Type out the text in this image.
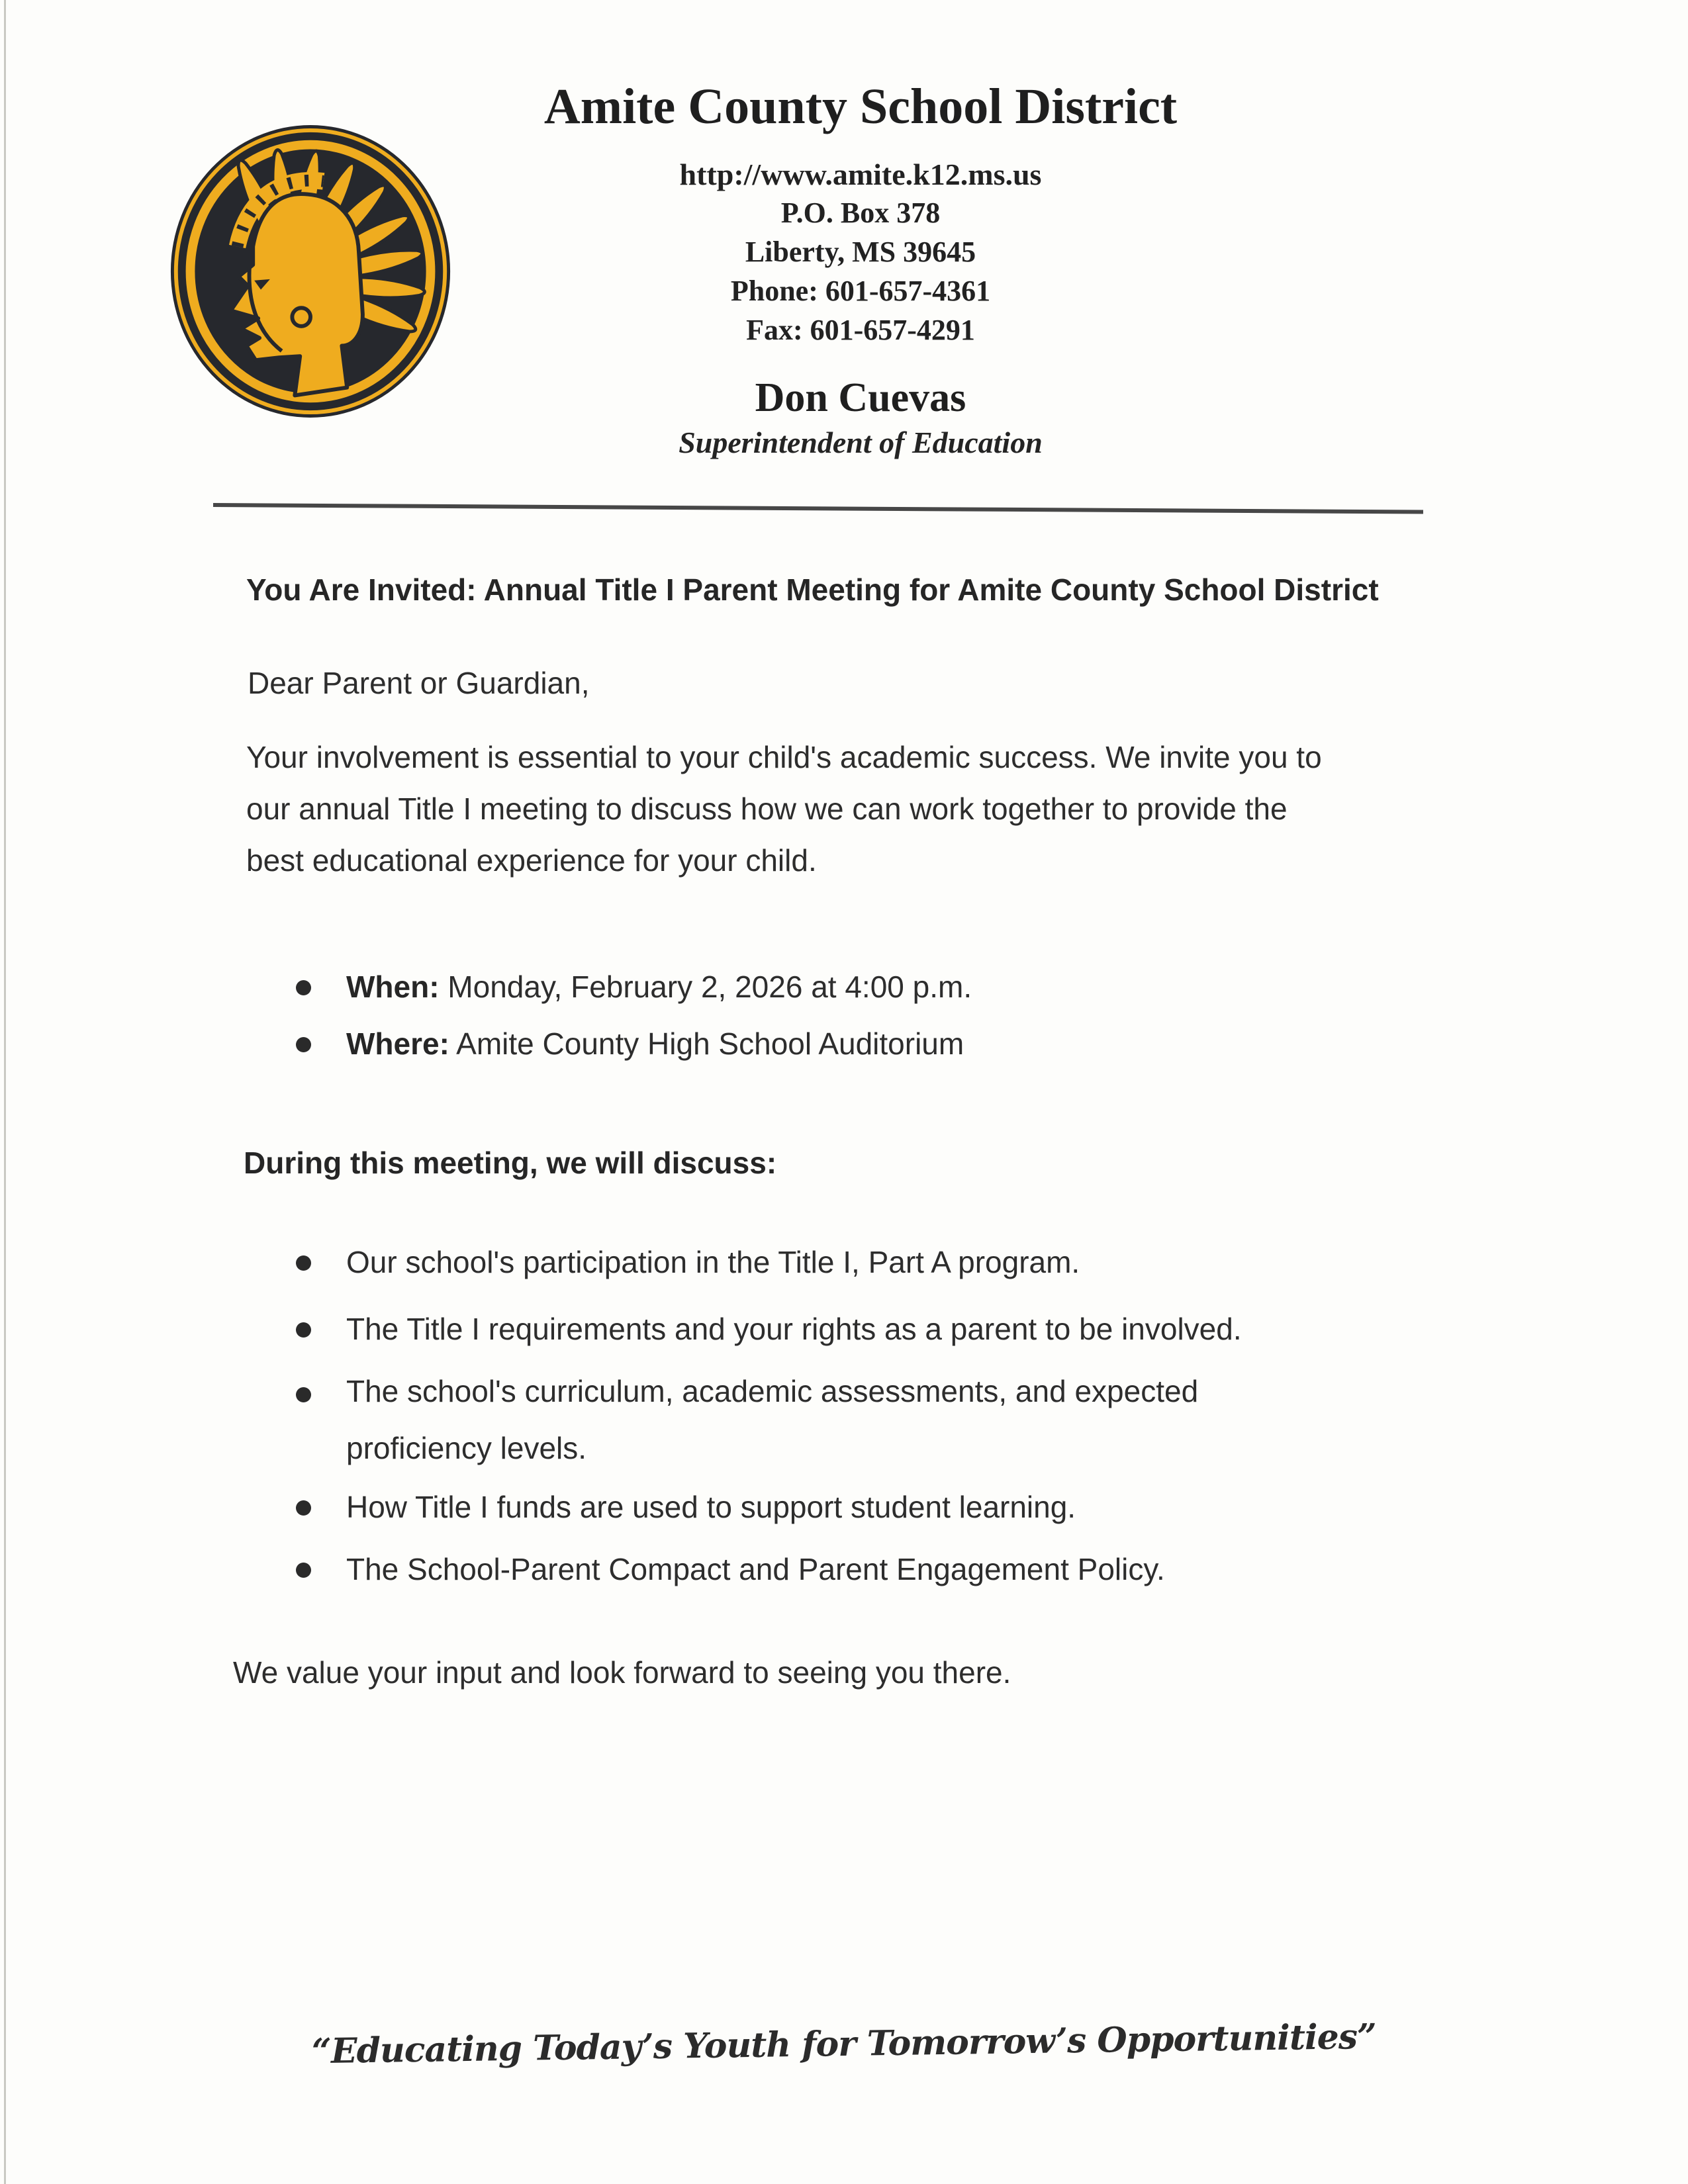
Amite County School District
http://www.amite.k12.ms.us
P.O. Box 378
Liberty, MS 39645
Phone: 601-657-4361
Fax: 601-657-4291
Don Cuevas
Superintendent of Education
You Are Invited: Annual Title I Parent Meeting for Amite County School District
Dear Parent or Guardian,
Your involvement is essential to your child's academic success. We invite you to
our annual Title I meeting to discuss how we can work together to provide the
best educational experience for your child.
When: Monday, February 2, 2026 at 4:00 p.m.
Where: Amite County High School Auditorium
During this meeting, we will discuss:
Our school's participation in the Title I, Part A program.
The Title I requirements and your rights as a parent to be involved.
The school's curriculum, academic assessments, and expected
proficiency levels.
How Title I funds are used to support student learning.
The School-Parent Compact and Parent Engagement Policy.
We value your input and look forward to seeing you there.
“Educating Today’s Youth for Tomorrow’s Opportunities”
